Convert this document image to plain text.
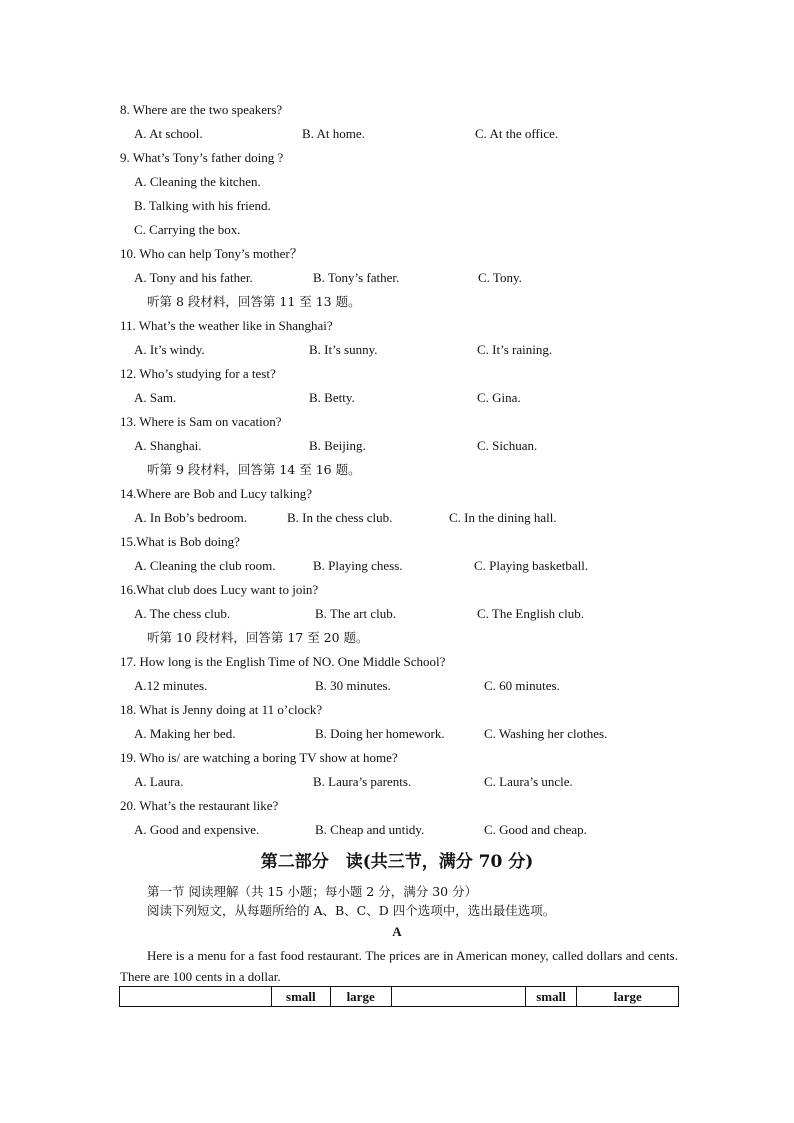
8. Where are the two speakers?
A. At school.	B. At home.	C. At the office.
9. What’s Tony’s father doing ?
A. Cleaning the kitchen.
B. Talking with his friend.
C. Carrying the box.
10. Who can help Tony’s mother？
A. Tony and his father.	B. Tony’s father.	C. Tony.
听第 8 段材料，回答第 11 至 13 题。
11. What’s the weather like in Shanghai?
A. It’s windy.	B. It’s sunny.	C. It’s raining.
12. Who’s studying for a test?
A. Sam.	B. Betty.	C. Gina.
13. Where is Sam on vacation?
A. Shanghai.	B. Beijing.	C. Sichuan.
听第 9 段材料，回答第 14 至 16 题。
14.Where are Bob and Lucy talking?
A. In Bob’s bedroom.	B. In the chess club.	C. In the dining hall.
15.What is Bob doing?
A. Cleaning the club room.	B. Playing chess.	C. Playing basketball.
16.What club does Lucy want to join?
A. The chess club.	B. The art club.	C. The English club.
听第 10 段材料，回答第 17 至 20 题。
17. How long is the English Time of NO. One Middle School?
A.12 minutes.	B. 30 minutes.	C. 60 minutes.
18. What is Jenny doing at 11 o’clock?
A. Making her bed.	B. Doing her homework.	C. Washing her clothes.
19. Who is/ are watching a boring TV show at home?
A. Laura.	B. Laura’s parents.	C. Laura’s uncle.
20. What’s the restaurant like?
A. Good and expensive.	B. Cheap and untidy.	C. Good and cheap.
第二部分　读(共三节，满分 70 分)
第一节 阅读理解（共 15 小题；每小题 2 分，满分 30 分）
阅读下列短文，从每题所给的 A、B、C、D 四个选项中，选出最佳选项。
A
Here is a menu for a fast food restaurant. The prices are in American money, called dollars and cents. There are 100 cents in a dollar.
	small	large		small	large
